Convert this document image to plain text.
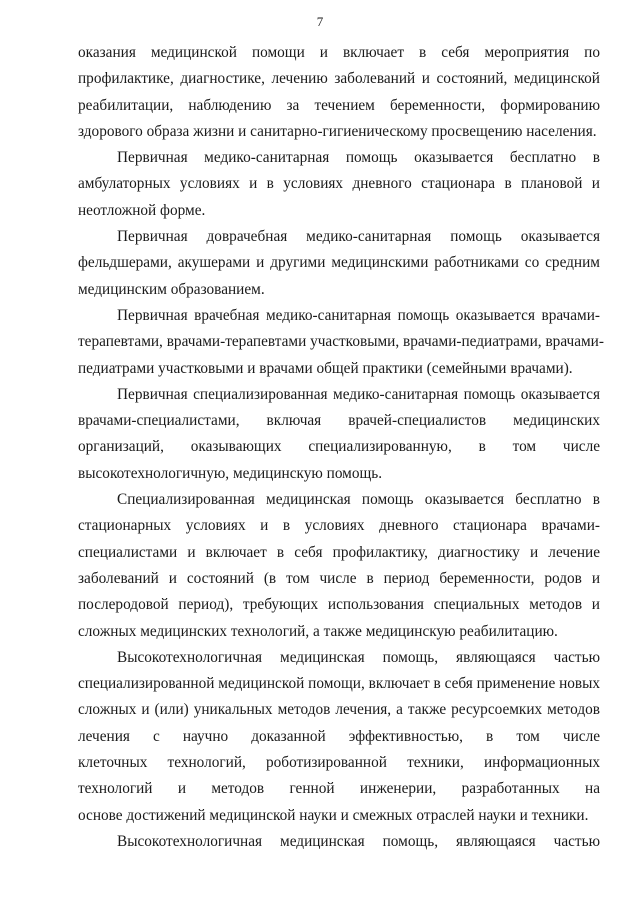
7
оказания медицинской помощи и включает в себя мероприятия по
профилактике, диагностике, лечению заболеваний и состояний, медицинской
реабилитации, наблюдению за течением беременности, формированию
здорового образа жизни и санитарно-гигиеническому просвещению населения.
Первичная медико-санитарная помощь оказывается бесплатно в
амбулаторных условиях и в условиях дневного стационара в плановой и
неотложной форме.
Первичная доврачебная медико-санитарная помощь оказывается
фельдшерами, акушерами и другими медицинскими работниками со средним
медицинским образованием.
Первичная врачебная медико-санитарная помощь оказывается врачами-
терапевтами, врачами-терапевтами участковыми, врачами-педиатрами, врачами-
педиатрами участковыми и врачами общей практики (семейными врачами).
Первичная специализированная медико-санитарная помощь оказывается
врачами-специалистами, включая врачей-специалистов медицинских
организаций, оказывающих специализированную, в том числе
высокотехнологичную, медицинскую помощь.
Специализированная медицинская помощь оказывается бесплатно в
стационарных условиях и в условиях дневного стационара врачами-
специалистами и включает в себя профилактику, диагностику и лечение
заболеваний и состояний (в том числе в период беременности, родов и
послеродовой период), требующих использования специальных методов и
сложных медицинских технологий, а также медицинскую реабилитацию.
Высокотехнологичная медицинская помощь, являющаяся частью
специализированной медицинской помощи, включает в себя применение новых
сложных и (или) уникальных методов лечения, а также ресурсоемких методов
лечения с научно доказанной эффективностью, в том числе
клеточных технологий, роботизированной техники, информационных
технологий и методов генной инженерии, разработанных на
основе достижений медицинской науки и смежных отраслей науки и техники.
Высокотехнологичная медицинская помощь, являющаяся частью
